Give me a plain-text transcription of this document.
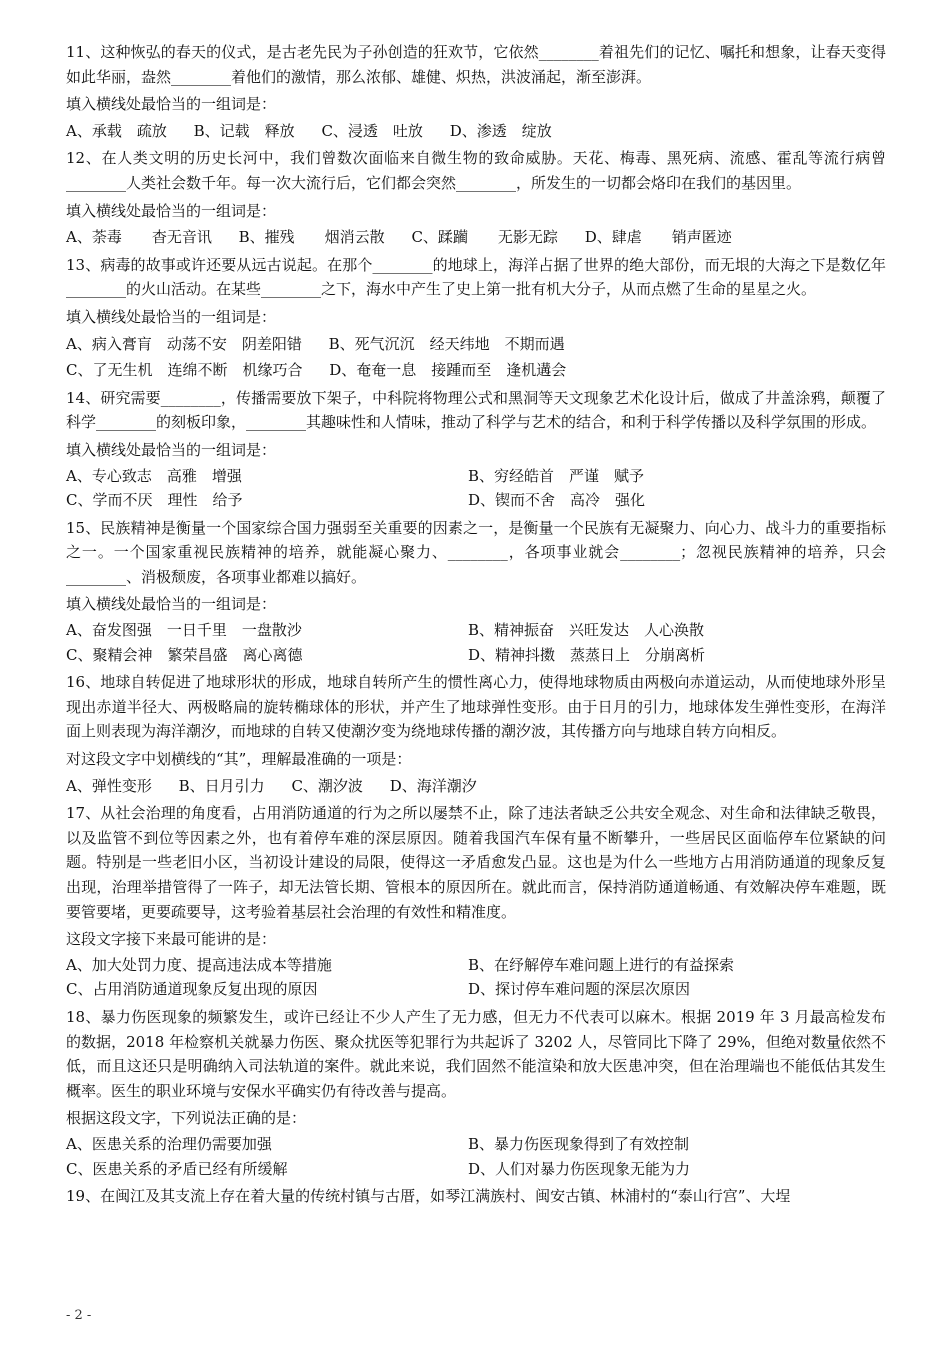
11、这种恢弘的春天的仪式，是古老先民为子孙创造的狂欢节，它依然________着祖先们的记忆、嘱托和想象，让春天变得如此华丽，盎然________着他们的激情，那么浓郁、雄健、炽热，洪波涌起，渐至澎湃。

填入横线处最恰当的一组词是：

A、承载　疏放 B、记载　释放 C、浸透　吐放 D、渗透　绽放

12、在人类文明的历史长河中，我们曾数次面临来自微生物的致命威胁。天花、梅毒、黑死病、流感、霍乱等流行病曾________人类社会数千年。每一次大流行后，它们都会突然________，所发生的一切都会烙印在我们的基因里。

填入横线处最恰当的一组词是：

A、荼毒　　杳无音讯 B、摧残　　烟消云散 C、蹂躏　　无影无踪 D、肆虐　　销声匿迹

13、病毒的故事或许还要从远古说起。在那个________的地球上，海洋占据了世界的绝大部份，而无垠的大海之下是数亿年________的火山活动。在某些________之下，海水中产生了史上第一批有机大分子，从而点燃了生命的星星之火。

填入横线处最恰当的一组词是：

A、病入膏肓　动荡不安　阴差阳错 B、死气沉沉　经天纬地　不期而遇
C、了无生机　连绵不断　机缘巧合 D、奄奄一息　接踵而至　逢机遘会

14、研究需要________，传播需要放下架子，中科院将物理公式和黑洞等天文现象艺术化设计后，做成了井盖涂鸦，颠覆了科学________的刻板印象，________其趣味性和人情味，推动了科学与艺术的结合，和利于科学传播以及科学氛围的形成。

填入横线处最恰当的一组词是：

A、专心致志　高雅　增强	B、穷经皓首　严谨　赋予
C、学而不厌　理性　给予	D、锲而不舍　高冷　强化

15、民族精神是衡量一个国家综合国力强弱至关重要的因素之一，是衡量一个民族有无凝聚力、向心力、战斗力的重要指标之一。一个国家重视民族精神的培养，就能凝心聚力、________，各项事业就会________；忽视民族精神的培养，只会________、消极颓废，各项事业都难以搞好。

填入横线处最恰当的一组词是：

A、奋发图强　一日千里　一盘散沙	B、精神振奋　兴旺发达　人心涣散
C、聚精会神　繁荣昌盛　离心离德	D、精神抖擞　蒸蒸日上　分崩离析

16、地球自转促进了地球形状的形成，地球自转所产生的惯性离心力，使得地球物质由两极向赤道运动，从而使地球外形呈现出赤道半径大、两极略扁的旋转椭球体的形状，并产生了地球弹性变形。由于日月的引力，地球体发生弹性变形，在海洋面上则表现为海洋潮汐，而地球的自转又使潮汐变为绕地球传播的潮汐波，其传播方向与地球自转方向相反。

对这段文字中划横线的“其”，理解最准确的一项是：

A、弹性变形 B、日月引力 C、潮汐波 D、海洋潮汐

17、从社会治理的角度看，占用消防通道的行为之所以屡禁不止，除了违法者缺乏公共安全观念、对生命和法律缺乏敬畏，以及监管不到位等因素之外，也有着停车难的深层原因。随着我国汽车保有量不断攀升，一些居民区面临停车位紧缺的问题。特别是一些老旧小区，当初设计建设的局限，使得这一矛盾愈发凸显。这也是为什么一些地方占用消防通道的现象反复出现，治理举措管得了一阵子，却无法管长期、管根本的原因所在。就此而言，保持消防通道畅通、有效解决停车难题，既要管要堵，更要疏要导，这考验着基层社会治理的有效性和精准度。

这段文字接下来最可能讲的是：

A、加大处罚力度、提高违法成本等措施	B、在纾解停车难问题上进行的有益探索
C、占用消防通道现象反复出现的原因	D、探讨停车难问题的深层次原因

18、暴力伤医现象的频繁发生，或许已经让不少人产生了无力感，但无力不代表可以麻木。根据 2019 年 3 月最高检发布的数据，2018 年检察机关就暴力伤医、聚众扰医等犯罪行为共起诉了 3202 人，尽管同比下降了 29%，但绝对数量依然不低，而且这还只是明确纳入司法轨道的案件。就此来说，我们固然不能渲染和放大医患冲突，但在治理端也不能低估其发生概率。医生的职业环境与安保水平确实仍有待改善与提高。

根据这段文字，下列说法正确的是：

A、医患关系的治理仍需要加强	B、暴力伤医现象得到了有效控制
C、医患关系的矛盾已经有所缓解	D、人们对暴力伤医现象无能为力

19、在闽江及其支流上存在着大量的传统村镇与古厝，如琴江满族村、闽安古镇、林浦村的“泰山行宫”、大埕

- 2 -
